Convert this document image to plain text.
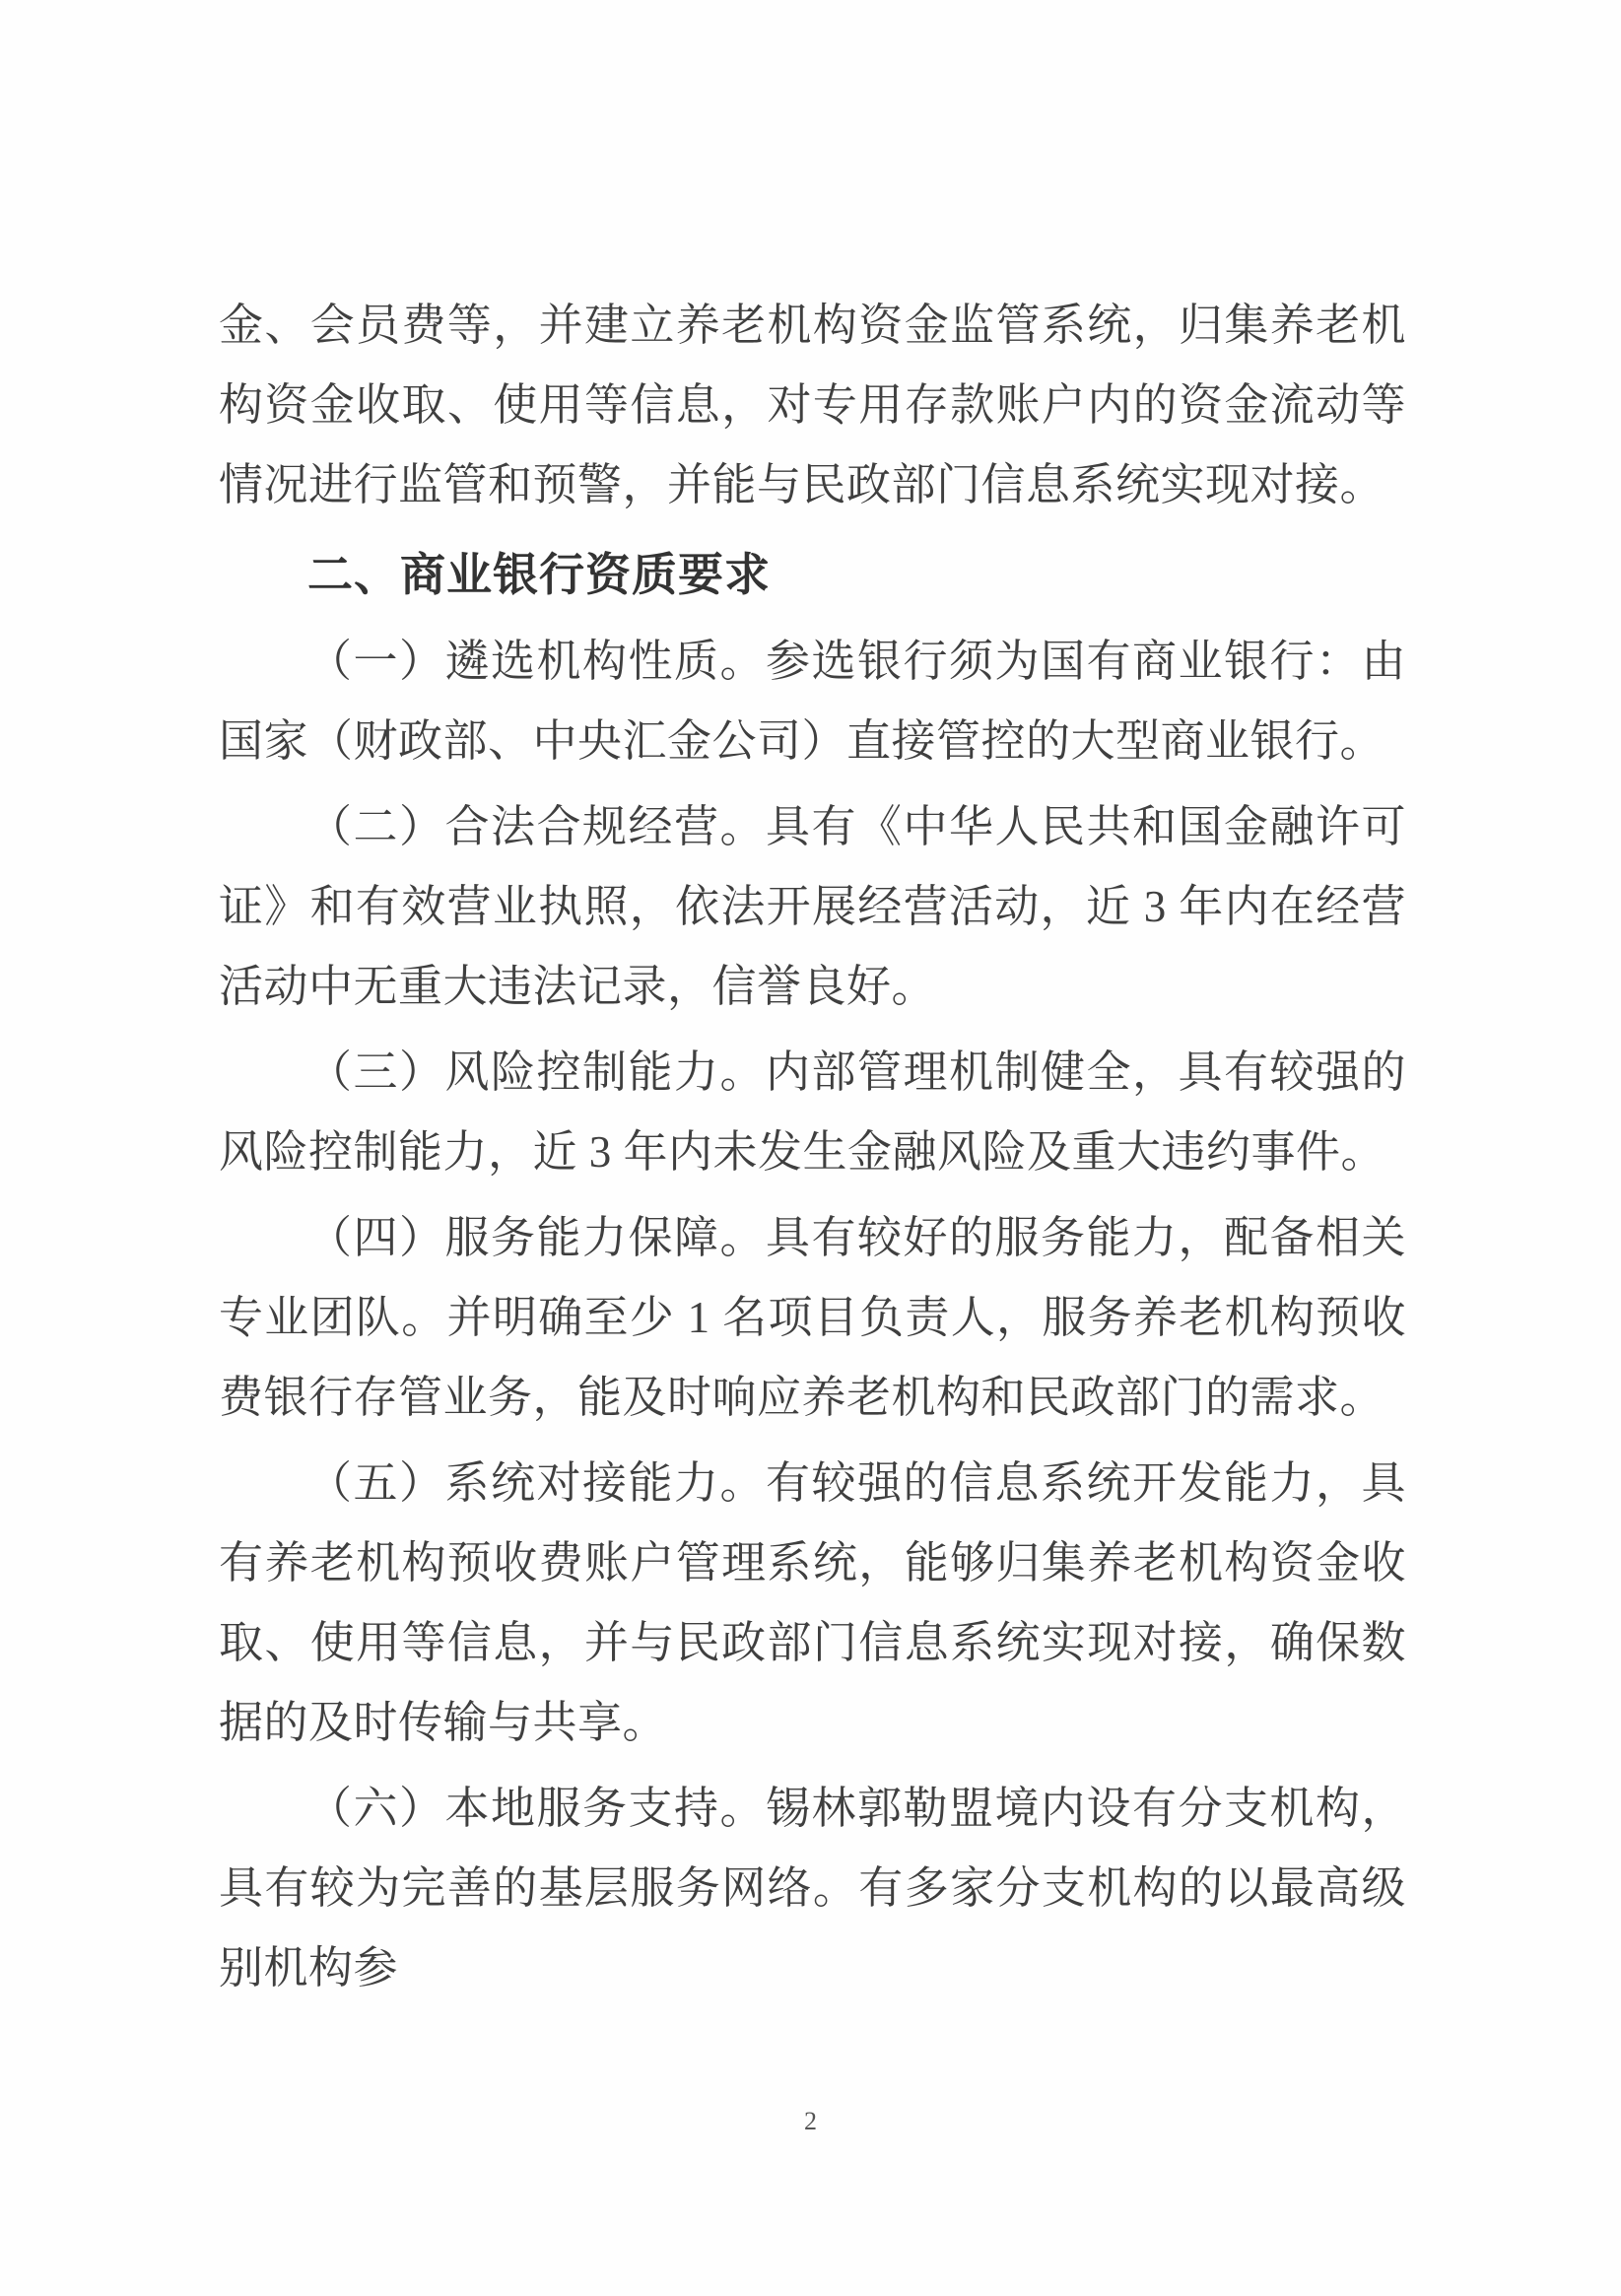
金、会员费等，并建立养老机构资金监管系统，归集养老机构资金收取、使用等信息，对专用存款账户内的资金流动等情况进行监管和预警，并能与民政部门信息系统实现对接。

二、商业银行资质要求

（一）遴选机构性质。参选银行须为国有商业银行：由国家（财政部、中央汇金公司）直接管控的大型商业银行。

（二）合法合规经营。具有《中华人民共和国金融许可证》和有效营业执照，依法开展经营活动，近 3 年内在经营活动中无重大违法记录，信誉良好。

（三）风险控制能力。内部管理机制健全，具有较强的风险控制能力，近 3 年内未发生金融风险及重大违约事件。

（四）服务能力保障。具有较好的服务能力，配备相关专业团队。并明确至少 1 名项目负责人，服务养老机构预收费银行存管业务，能及时响应养老机构和民政部门的需求。

（五）系统对接能力。有较强的信息系统开发能力，具有养老机构预收费账户管理系统，能够归集养老机构资金收取、使用等信息，并与民政部门信息系统实现对接，确保数据的及时传输与共享。

（六）本地服务支持。锡林郭勒盟境内设有分支机构，具有较为完善的基层服务网络。有多家分支机构的以最高级别机构参

2
